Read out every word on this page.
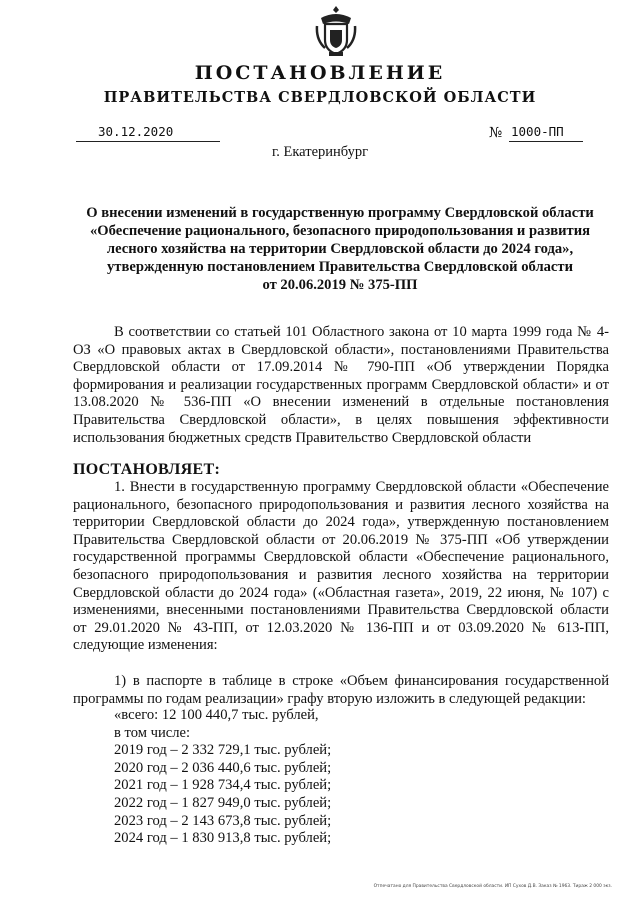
ПОСТАНОВЛЕНИЕ
ПРАВИТЕЛЬСТВА СВЕРДЛОВСКОЙ ОБЛАСТИ
30.12.2020	№ 1000-ПП
г. Екатеринбург
О внесении изменений в государственную программу Свердловской области
«Обеспечение рационального, безопасного природопользования и развития
лесного хозяйства на территории Свердловской области до 2024 года»,
утвержденную постановлением Правительства Свердловской области
от 20.06.2019 № 375-ПП
В соответствии со статьей 101 Областного закона от 10 марта 1999 года № 4-ОЗ «О правовых актах в Свердловской области», постановлениями Правительства Свердловской области от 17.09.2014 № 790-ПП «Об утверждении Порядка формирования и реализации государственных программ Свердловской области» и от 13.08.2020 № 536-ПП «О внесении изменений в отдельные постановления Правительства Свердловской области», в целях повышения эффективности использования бюджетных средств Правительство Свердловской области
ПОСТАНОВЛЯЕТ:
1. Внести в государственную программу Свердловской области «Обеспечение рационального, безопасного природопользования и развития лесного хозяйства на территории Свердловской области до 2024 года», утвержденную постановлением Правительства Свердловской области от 20.06.2019 № 375-ПП «Об утверждении государственной программы Свердловской области «Обеспечение рационального, безопасного природопользования и развития лесного хозяйства на территории Свердловской области до 2024 года» («Областная газета», 2019, 22 июня, № 107) с изменениями, внесенными постановлениями Правительства Свердловской области от 29.01.2020 № 43-ПП, от 12.03.2020 № 136-ПП и от 03.09.2020 № 613-ПП, следующие изменения:
1) в паспорте в таблице в строке «Объем финансирования государственной программы по годам реализации» графу вторую изложить в следующей редакции:
«всего: 12 100 440,7 тыс. рублей,
в том числе:
2019 год – 2 332 729,1 тыс. рублей;
2020 год – 2 036 440,6 тыс. рублей;
2021 год – 1 928 734,4 тыс. рублей;
2022 год – 1 827 949,0 тыс. рублей;
2023 год – 2 143 673,8 тыс. рублей;
2024 год – 1 830 913,8 тыс. рублей;
Отпечатано для Правительства Свердловской области. ИП Сухов Д.В. Заказ № 1963. Тираж 2 000 экз.
